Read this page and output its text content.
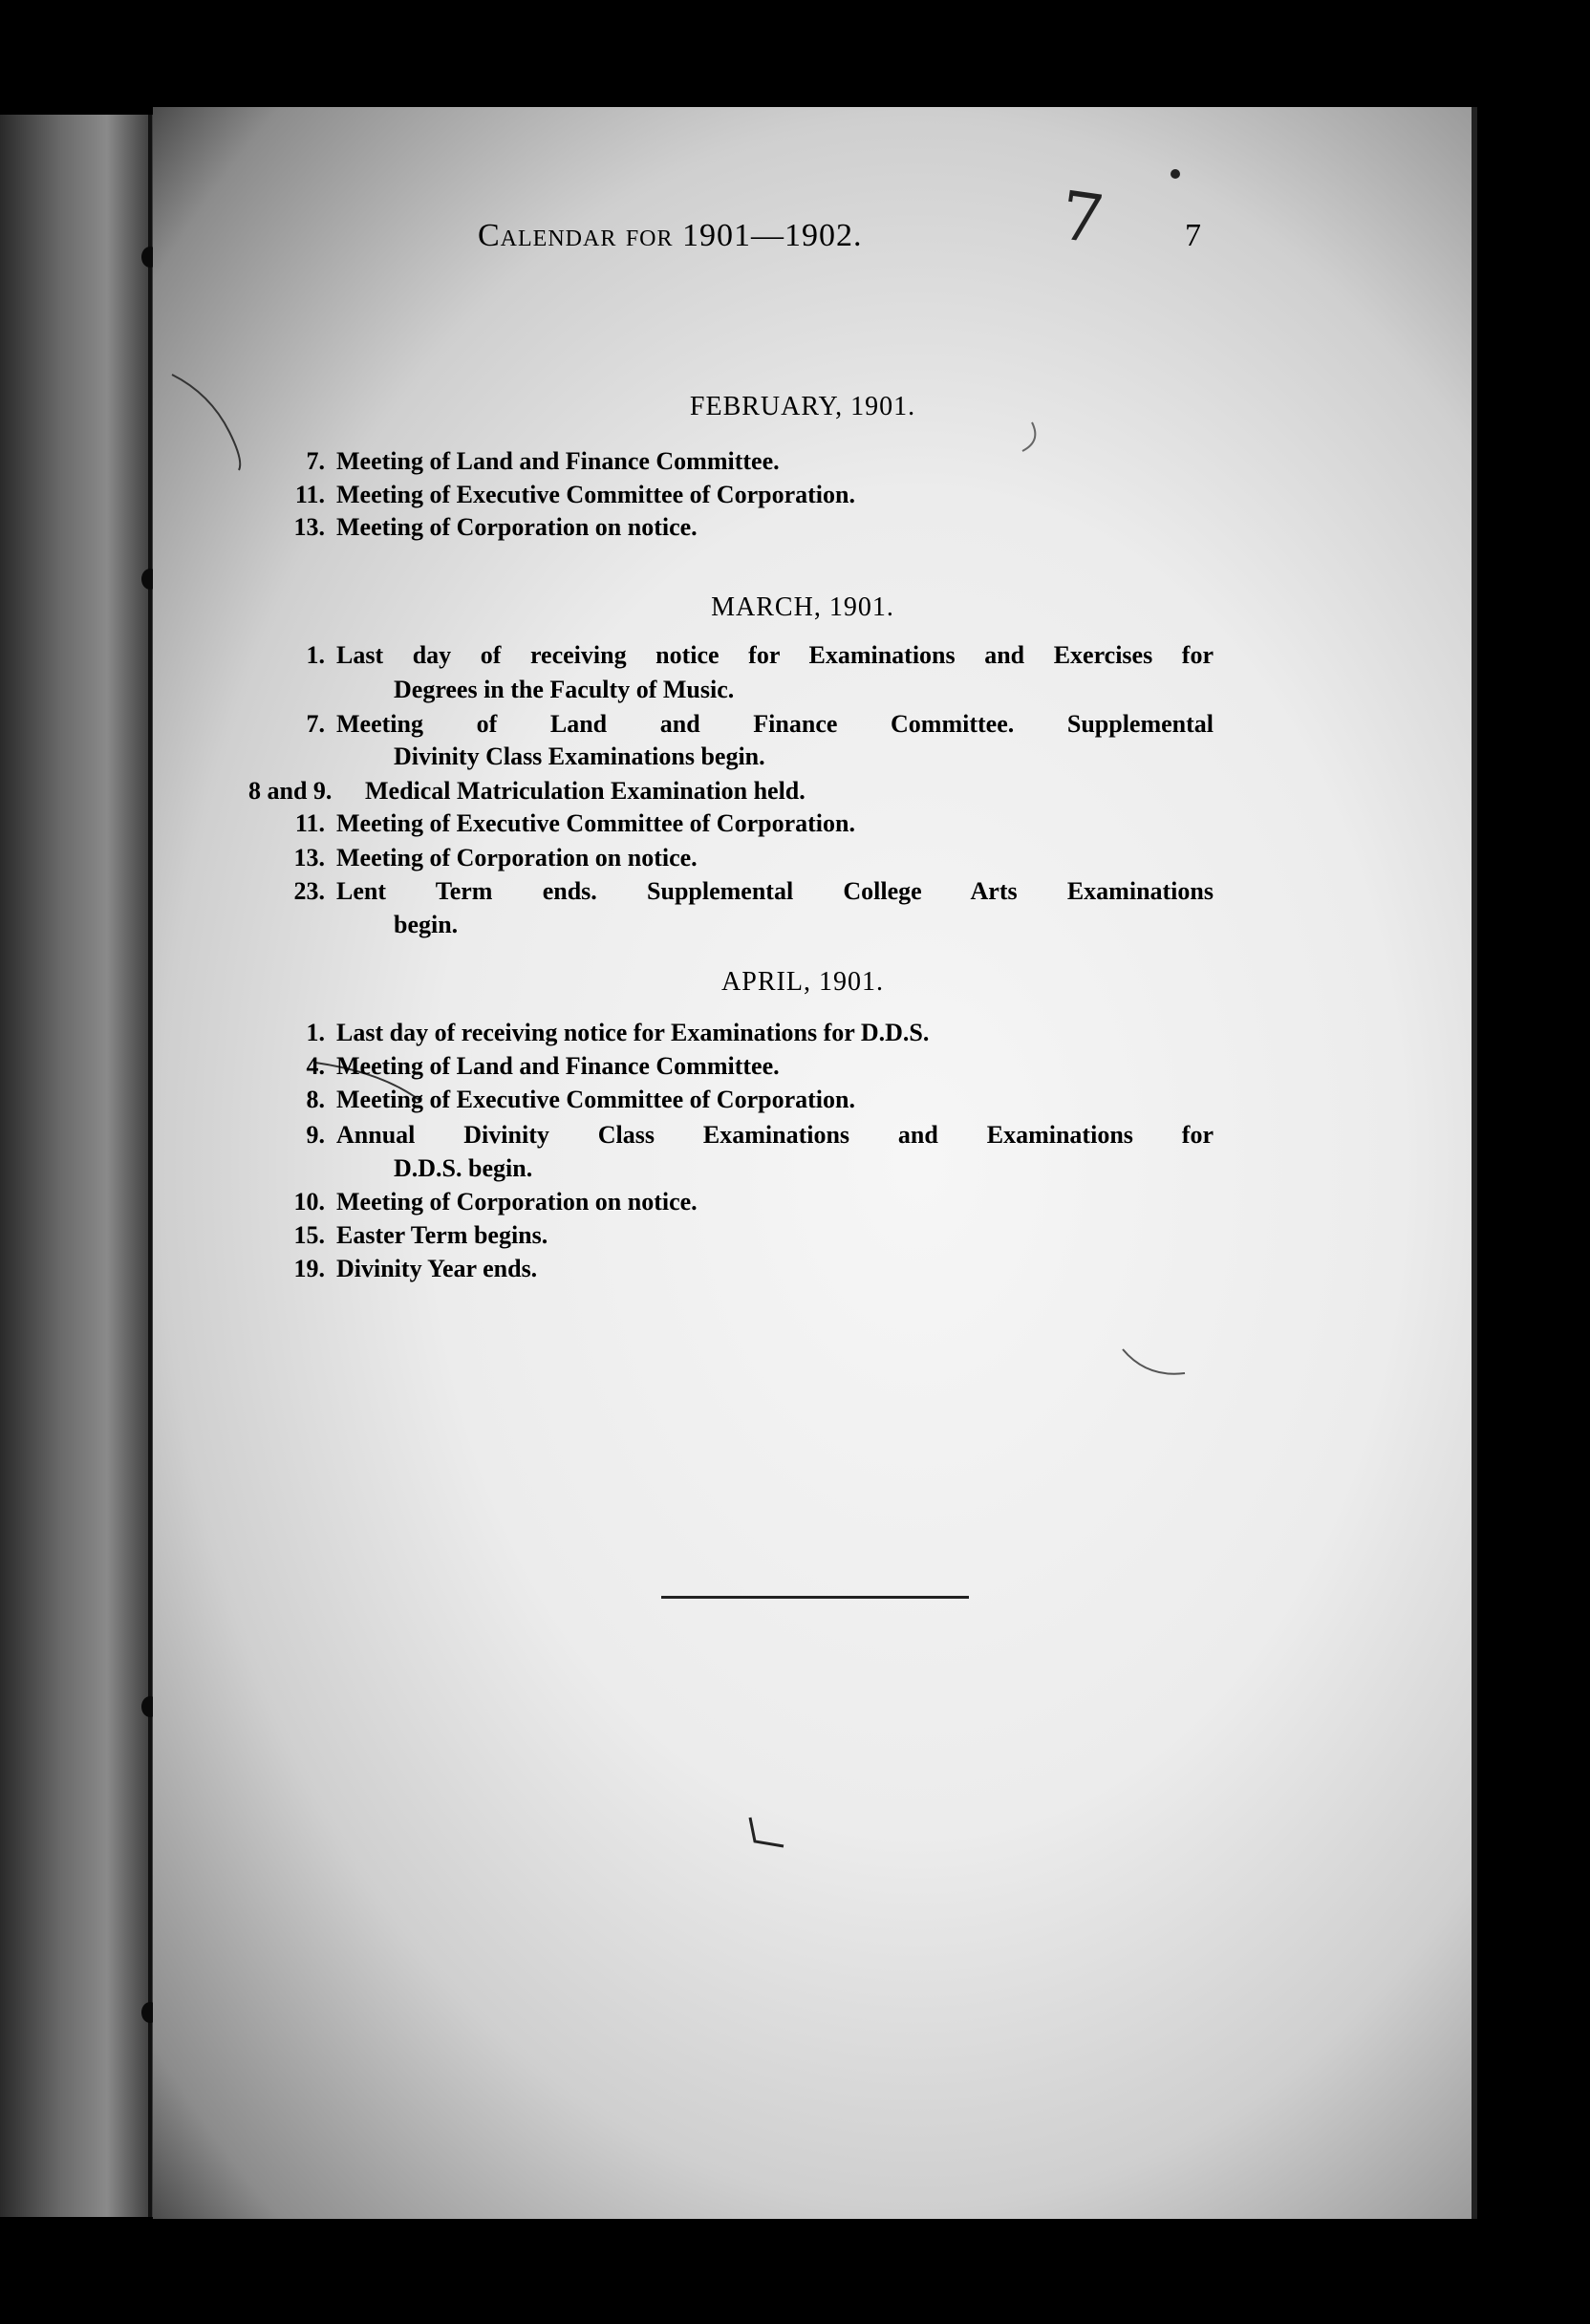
7
Calendar for 1901—1902.	7
FEBRUARY, 1901.
7. Meeting of Land and Finance Committee.
11. Meeting of Executive Committee of Corporation.
13. Meeting of Corporation on notice.
MARCH, 1901.
1. Last day of receiving notice for Examinations and Exercises for
Degrees in the Faculty of Music.
7. Meeting of Land and Finance Committee. Supplemental
Divinity Class Examinations begin.
8 and 9.	Medical Matriculation Examination held.
11. Meeting of Executive Committee of Corporation.
13. Meeting of Corporation on notice.
23. Lent Term ends. Supplemental College Arts Examinations
begin.
APRIL, 1901.
1. Last day of receiving notice for Examinations for D.D.S.
4. Meeting of Land and Finance Committee.
8. Meeting of Executive Committee of Corporation.
9. Annual Divinity Class Examinations and Examinations for
D.D.S. begin.
10. Meeting of Corporation on notice.
15. Easter Term begins.
19. Divinity Year ends.
